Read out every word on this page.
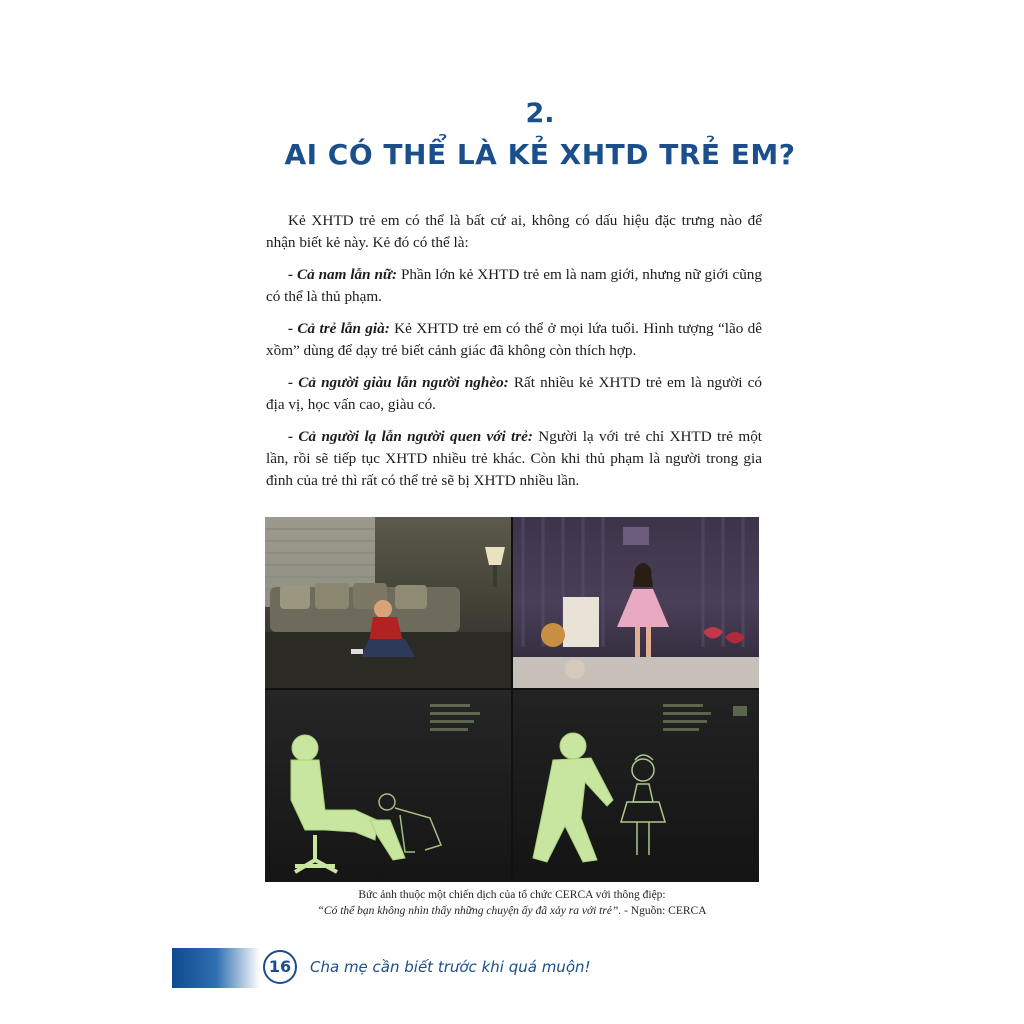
2.
AI CÓ THỂ LÀ KẺ XHTD TRẺ EM?

Kẻ XHTD trẻ em có thể là bất cứ ai, không có dấu hiệu đặc trưng nào để nhận biết kẻ này. Kẻ đó có thể là:

- Cả nam lẫn nữ: Phần lớn kẻ XHTD trẻ em là nam giới, nhưng nữ giới cũng có thể là thủ phạm.

- Cả trẻ lẫn già: Kẻ XHTD trẻ em có thể ở mọi lứa tuổi. Hình tượng “lão dê xồm” dùng để dạy trẻ biết cảnh giác đã không còn thích hợp.

- Cả người giàu lẫn người nghèo: Rất nhiều kẻ XHTD trẻ em là người có địa vị, học vấn cao, giàu có.

- Cả người lạ lẫn người quen với trẻ: Người lạ với trẻ chỉ XHTD trẻ một lần, rồi sẽ tiếp tục XHTD nhiều trẻ khác. Còn khi thủ phạm là người trong gia đình của trẻ thì rất có thể trẻ sẽ bị XHTD nhiều lần.

Bức ảnh thuộc một chiến dịch của tổ chức CERCA với thông điệp:
“Có thể bạn không nhìn thấy những chuyện ấy đã xảy ra với trẻ”. - Nguồn: CERCA
16	Cha mẹ cần biết trước khi quá muộn!
